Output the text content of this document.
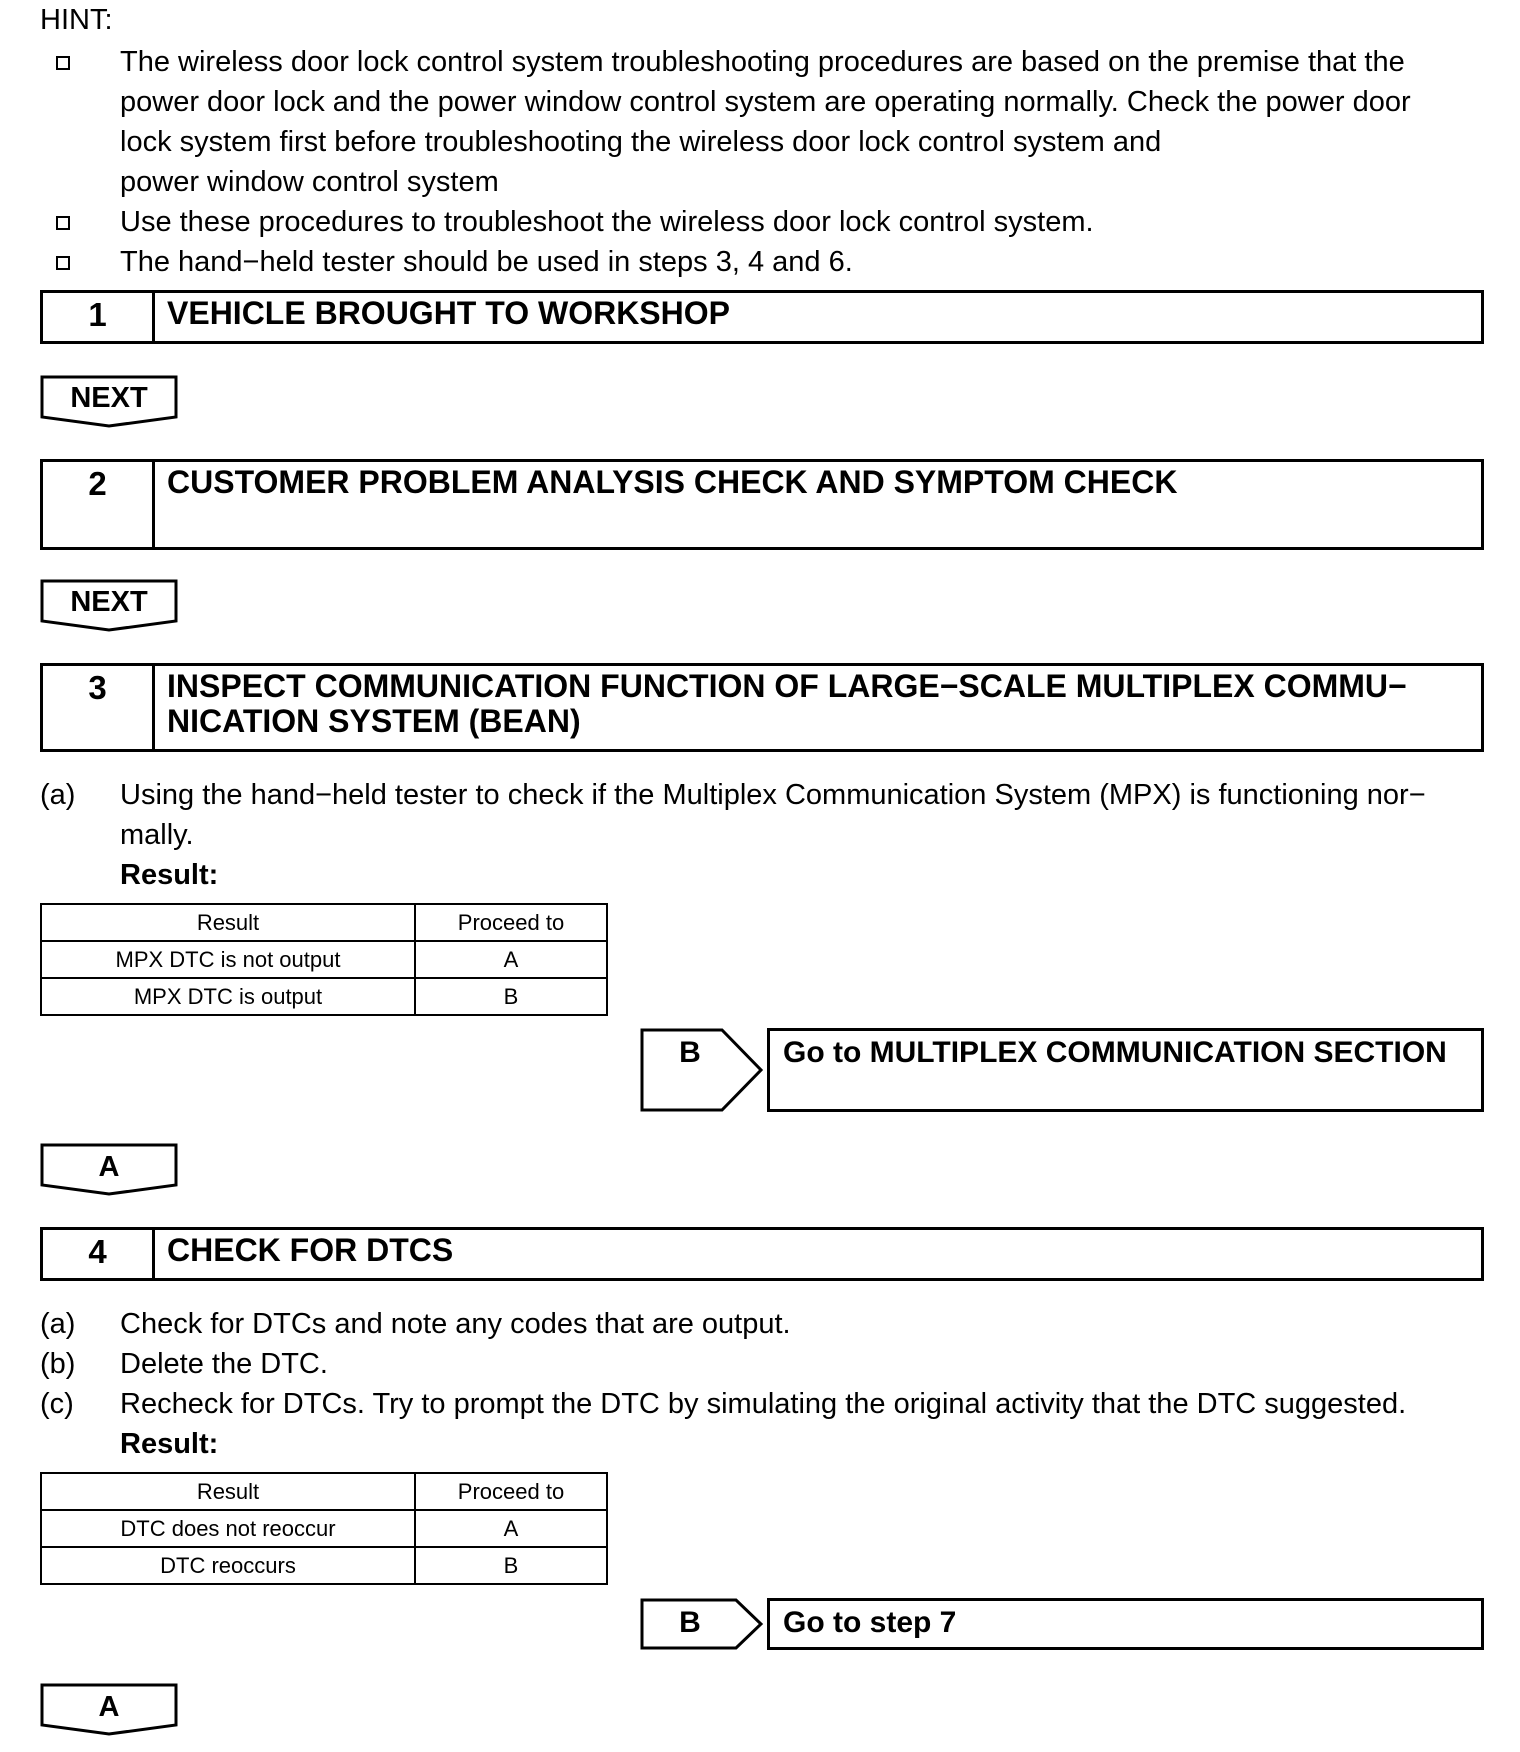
HINT:
The wireless door lock control system troubleshooting procedures are based on the premise that the
power door lock and the power window control system are operating normally. Check the power door
lock system first before troubleshooting the wireless door lock control system and
power window control system
Use these procedures to troubleshoot the wireless door lock control system.
The hand−held tester should be used in steps 3, 4 and 6.
1	VEHICLE BROUGHT TO WORKSHOP
NEXT
2	CUSTOMER PROBLEM ANALYSIS CHECK AND SYMPTOM CHECK
NEXT
3	INSPECT COMMUNICATION FUNCTION OF LARGE−SCALE MULTIPLEX COMMU−
NICATION SYSTEM (BEAN)
(a) Using the hand−held tester to check if the Multiplex Communication System (MPX) is functioning nor−
mally.
Result:
Result	Proceed to
MPX DTC is not output	A
MPX DTC is output	B
B	Go to MULTIPLEX COMMUNICATION SECTION
A
4	CHECK FOR DTCS
(a) Check for DTCs and note any codes that are output.
(b) Delete the DTC.
(c) Recheck for DTCs. Try to prompt the DTC by simulating the original activity that the DTC suggested.
Result:
Result	Proceed to
DTC does not reoccur	A
DTC reoccurs	B
B	Go to step 7
A
